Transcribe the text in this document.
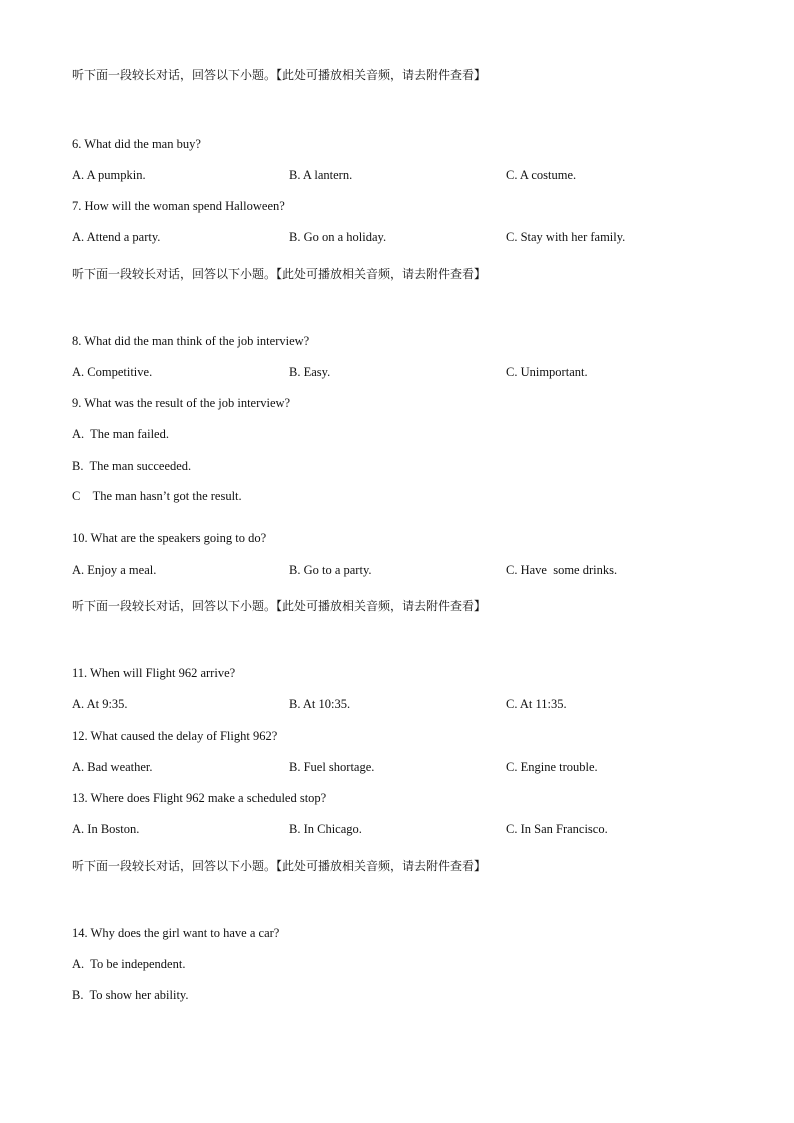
听下面一段较长对话，回答以下小题。【此处可播放相关音频，请去附件查看】
6. What did the man buy?
A. A pumpkin.	B. A lantern.	C. A costume.
7. How will the woman spend Halloween?
A. Attend a party.	B. Go on a holiday.	C. Stay with her family.
听下面一段较长对话，回答以下小题。【此处可播放相关音频，请去附件查看】
8. What did the man think of the job interview?
A. Competitive.	B. Easy.	C. Unimportant.
9. What was the result of the job interview?
A.  The man failed.
B.  The man succeeded.
C    The man hasn’t got the result.
10. What are the speakers going to do?
A. Enjoy a meal.	B. Go to a party.	C. Have  some drinks.
听下面一段较长对话，回答以下小题。【此处可播放相关音频，请去附件查看】
11. When will Flight 962 arrive?
A. At 9:35.	B. At 10:35.	C. At 11:35.
12. What caused the delay of Flight 962?
A. Bad weather.	B. Fuel shortage.	C. Engine trouble.
13. Where does Flight 962 make a scheduled stop?
A. In Boston.	B. In Chicago.	C. In San Francisco.
听下面一段较长对话，回答以下小题。【此处可播放相关音频，请去附件查看】
14. Why does the girl want to have a car?
A.  To be independent.
B.  To show her ability.
